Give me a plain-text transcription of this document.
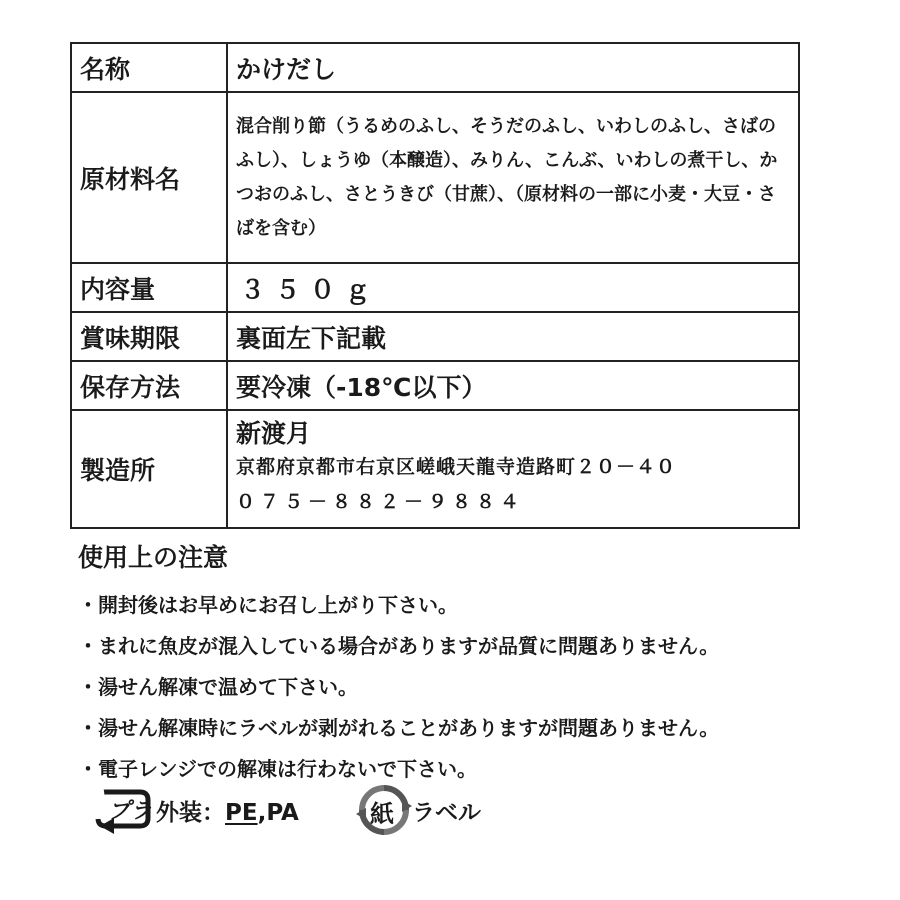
名称	かけだし
原材料名	混合削り節（うるめのふし、そうだのふし、いわしのふし、さばのふし）、しょうゆ（本醸造）、みりん、こんぶ、いわしの煮干し、かつおのふし、さとうきび（甘蔗）、（原材料の一部に小麦・大豆・さばを含む）

内容量	３５０ｇ
賞味期限	裏面左下記載
保存方法	要冷凍（-18℃以下）
製造所	新渡月
京都府京都市右京区嵯峨天龍寺造路町２０－４０
０７５－８８２－９８８４
使用上の注意
・開封後はお早めにお召し上がり下さい。
・まれに魚皮が混入している場合がありますが品質に問題ありません。
・湯せん解凍で温めて下さい。
・湯せん解凍時にラベルが剥がれることがありますが問題ありません。
・電子レンジでの解凍は行わないで下さい。
プラ 外装：PE,PA	紙 ラベル
